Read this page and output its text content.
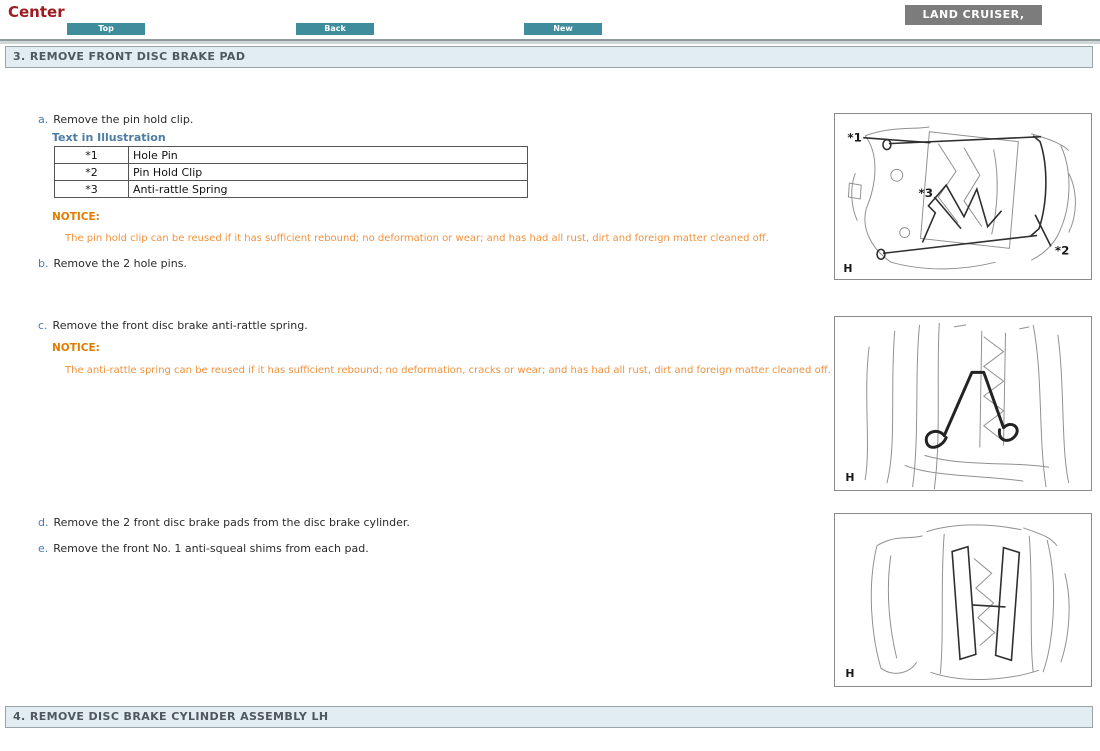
Center
Top	Back	New
LAND CRUISER,
3. REMOVE FRONT DISC BRAKE PAD
a. Remove the pin hold clip.
Text in Illustration
*1	Hole Pin
*2	Pin Hold Clip
*3	Anti-rattle Spring
NOTICE:
The pin hold clip can be reused if it has sufficient rebound; no deformation or wear; and has had all rust, dirt and foreign matter cleaned off.
b. Remove the 2 hole pins.
c. Remove the front disc brake anti-rattle spring.
NOTICE:
The anti-rattle spring can be reused if it has sufficient rebound; no deformation, cracks or wear; and has had all rust, dirt and foreign matter cleaned off.
d. Remove the 2 front disc brake pads from the disc brake cylinder.
e. Remove the front No. 1 anti-squeal shims from each pad.
*1
*3
*2
H
H
H
4. REMOVE DISC BRAKE CYLINDER ASSEMBLY LH
